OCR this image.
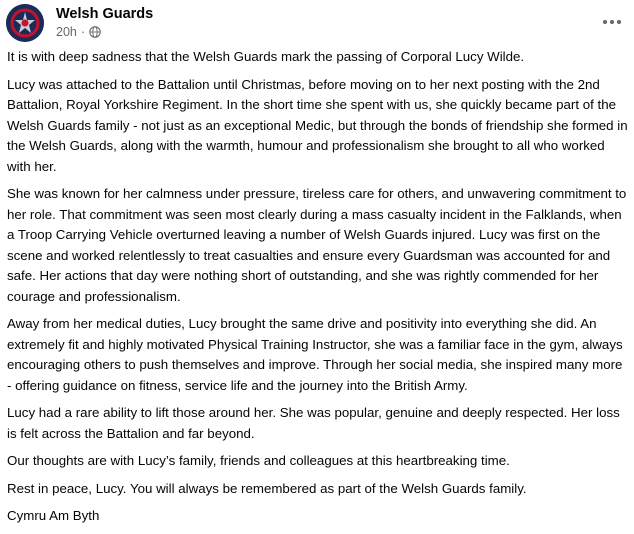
Welsh Guards
20h ·

It is with deep sadness that the Welsh Guards mark the passing of Corporal Lucy Wilde.

Lucy was attached to the Battalion until Christmas, before moving on to her next posting with the 2nd Battalion, Royal Yorkshire Regiment. In the short time she spent with us, she quickly became part of the Welsh Guards family - not just as an exceptional Medic, but through the bonds of friendship she formed in the Welsh Guards, along with the warmth, humour and professionalism she brought to all who worked with her.

She was known for her calmness under pressure, tireless care for others, and unwavering commitment to her role. That commitment was seen most clearly during a mass casualty incident in the Falklands, when a Troop Carrying Vehicle overturned leaving a number of Welsh Guards injured. Lucy was first on the scene and worked relentlessly to treat casualties and ensure every Guardsman was accounted for and safe. Her actions that day were nothing short of outstanding, and she was rightly commended for her courage and professionalism.

Away from her medical duties, Lucy brought the same drive and positivity into everything she did. An extremely fit and highly motivated Physical Training Instructor, she was a familiar face in the gym, always encouraging others to push themselves and improve. Through her social media, she inspired many more - offering guidance on fitness, service life and the journey into the British Army.

Lucy had a rare ability to lift those around her. She was popular, genuine and deeply respected. Her loss is felt across the Battalion and far beyond.

Our thoughts are with Lucy’s family, friends and colleagues at this heartbreaking time.

Rest in peace, Lucy. You will always be remembered as part of the Welsh Guards family.

Cymru Am Byth
